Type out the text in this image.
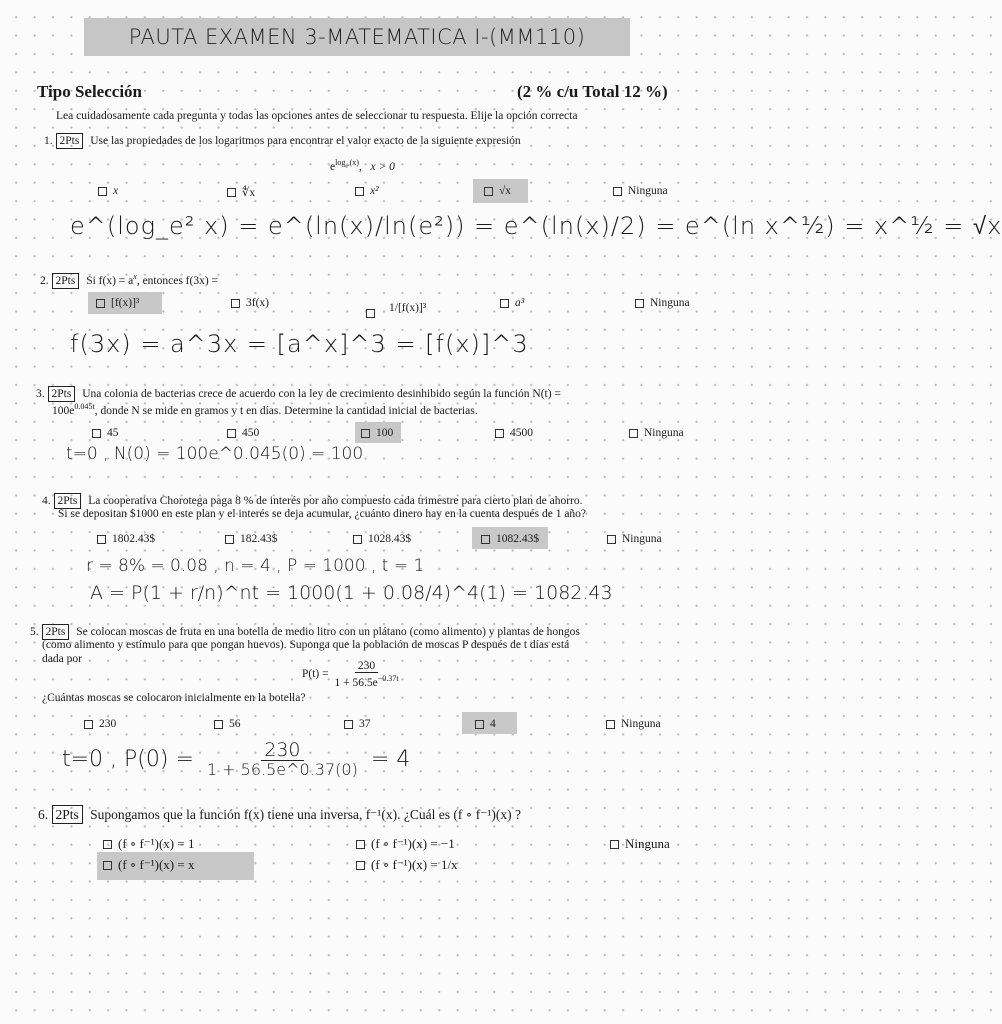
PAUTA EXAMEN 3-MATEMATICA I-(MM110)
Tipo Selección	(2 % c/u Total 12 %)
Lea cuidadosamente cada pregunta y todas las opciones antes de seleccionar tu respuesta. Elije la opción correcta
1. 2Pts Use las propiedades de los logaritmos para encontrar el valor exacto de la siguiente expresión
$e^{log_{e^2}(x)}$,   x > 0
x	∜x	x²	√x	Ninguna
e^(log_e² x) = e^(ln(x)/ln(e²)) = e^(ln(x)/2) = e^(ln x^½) = x^½ = √x
2. 2Pts Si $f(x) = a^x$, entonces f(3x) =
[f(x)]³	3f(x)	1/[f(x)]³	a³	Ninguna
f(3x) = a^3x = [a^x]^3 = [f(x)]^3
3. 2Pts Una colonia de bacterias crece de acuerdo con la ley de crecimiento desinhibido según la función N(t) =
$100e^{0.045t}$, donde N se mide en gramos y t en días. Determine la cantidad inicial de bacterias.
45	450	100	4500	Ninguna
t=0 , N(0) = 100e^0.045(0) = 100
4. 2Pts La cooperativa Chorotega paga 8 % de interés por año compuesto cada trimestre para cierto plan de ahorro.
Si se depositan $1000 en este plan y el interés se deja acumular, ¿cuánto dinero hay en la cuenta después de 1 año?
1802.43$	182.43$	1028.43$	1082.43$	Ninguna
r = 8% = 0.08 , n = 4 , P = 1000 , t = 1
A = P(1 + r/n)^nt = 1000(1 + 0.08/4)^4(1) = 1082.43
5. 2Pts Se colocan moscas de fruta en una botella de medio litro con un plátano (como alimento) y plantas de hongos
(como alimento y estímulo para que pongan huevos). Suponga que la población de moscas P después de t días está
dada por
$P(t) = \frac{230}{1 + 56.5e^{-0.37t}}$
¿Cuántas moscas se colocaron inicialmente en la botella?
230	56	37	4	Ninguna
t=0 , $P(0) = \frac{230}{1 + 56.5e\^{}0.37(0)} = 4$
6. 2Pts Supongamos que la función f(x) tiene una inversa, f⁻¹(x). ¿Cuál es (f ∘ f⁻¹)(x) ?
(f ∘ f⁻¹)(x) = 1	(f ∘ f⁻¹)(x) = −1	Ninguna
(f ∘ f⁻¹)(x) = x	(f ∘ f⁻¹)(x) = 1/x
